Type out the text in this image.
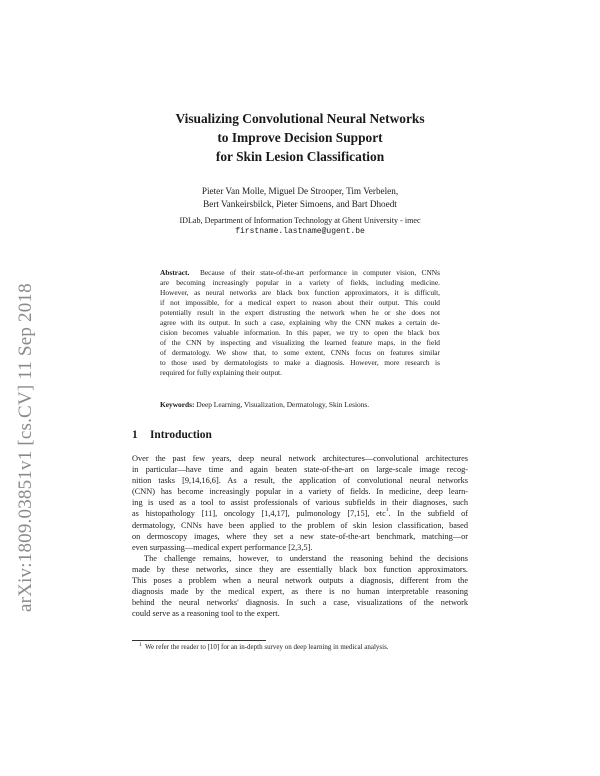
arXiv:1809.03851v1 [cs.CV] 11 Sep 2018
Visualizing Convolutional Neural Networks
to Improve Decision Support
for Skin Lesion Classification
Pieter Van Molle, Miguel De Strooper, Tim Verbelen,
Bert Vankeirsbilck, Pieter Simoens, and Bart Dhoedt
IDLab, Department of Information Technology at Ghent University - imec
firstname.lastname@ugent.be
Abstract. Because of their state-of-the-art performance in computer vision, CNNs
are becoming increasingly popular in a variety of fields, including medicine.
However, as neural networks are black box function approximators, it is difficult,
if not impossible, for a medical expert to reason about their output. This could
potentially result in the expert distrusting the network when he or she does not
agree with its output. In such a case, explaining why the CNN makes a certain de-
cision becomes valuable information. In this paper, we try to open the black box
of the CNN by inspecting and visualizing the learned feature maps, in the field
of dermatology. We show that, to some extent, CNNs focus on features similar
to those used by dermatologists to make a diagnosis. However, more research is
required for fully explaining their output.
Keywords: Deep Learning, Visualization, Dermatology, Skin Lesions.
1 Introduction
Over the past few years, deep neural network architectures—convolutional architectures
in particular—have time and again beaten state-of-the-art on large-scale image recog-
nition tasks [9,14,16,6]. As a result, the application of convolutional neural networks
(CNN) has become increasingly popular in a variety of fields. In medicine, deep learn-
ing is used as a tool to assist professionals of various subfields in their diagnoses, such
as histopathology [11], oncology [1,4,17], pulmonology [7,15], etc$^1$. In the subfield of
dermatology, CNNs have been applied to the problem of skin lesion classification, based
on dermoscopy images, where they set a new state-of-the-art benchmark, matching—or
even surpassing—medical expert performance [2,3,5].
The challenge remains, however, to understand the reasoning behind the decisions
made by these networks, since they are essentially black box function approximators.
This poses a problem when a neural network outputs a diagnosis, different from the
diagnosis made by the medical expert, as there is no human interpretable reasoning
behind the neural networks' diagnosis. In such a case, visualizations of the network
could serve as a reasoning tool to the expert.
$^1$ We refer the reader to [10] for an in-depth survey on deep learning in medical analysis.
